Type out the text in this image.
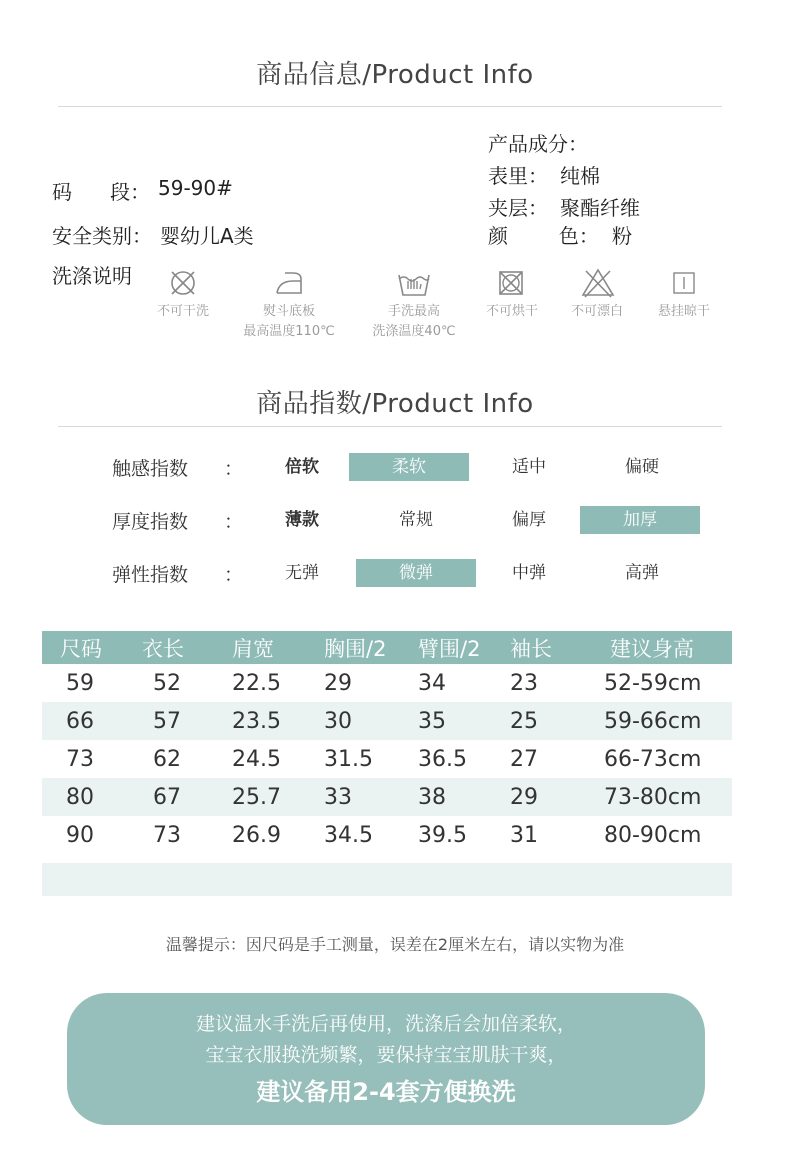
商品信息/Product Info
码      段： 59-90#
安全类别： 婴幼儿A类
洗涤说明
产品成分：
表里： 纯棉
夹层： 聚酯纤维
颜        色： 粉
不可干洗	熨斗底板
最高温度110℃
手洗最高
洗涤温度40℃
不可烘干	不可漂白	悬挂晾干
商品指数/Product Info
触感指数 ：	倍软	柔软	适中	偏硬
厚度指数 ：	薄款	常规	偏厚	加厚
弹性指数 ：	无弹	微弹	中弹	高弹
尺码	衣长	肩宽	胸围/2	臂围/2	袖长	建议身高
59	52	22.5	29	34	23	52-59cm
66	57	23.5	30	35	25	59-66cm
73	62	24.5	31.5	36.5	27	66-73cm
80	67	25.7	33	38	29	73-80cm
90	73	26.9	34.5	39.5	31	80-90cm
温馨提示：因尺码是手工测量，误差在2厘米左右，请以实物为准
建议温水手洗后再使用，洗涤后会加倍柔软，
宝宝衣服换洗频繁，要保持宝宝肌肤干爽，
建议备用2-4套方便换洗
